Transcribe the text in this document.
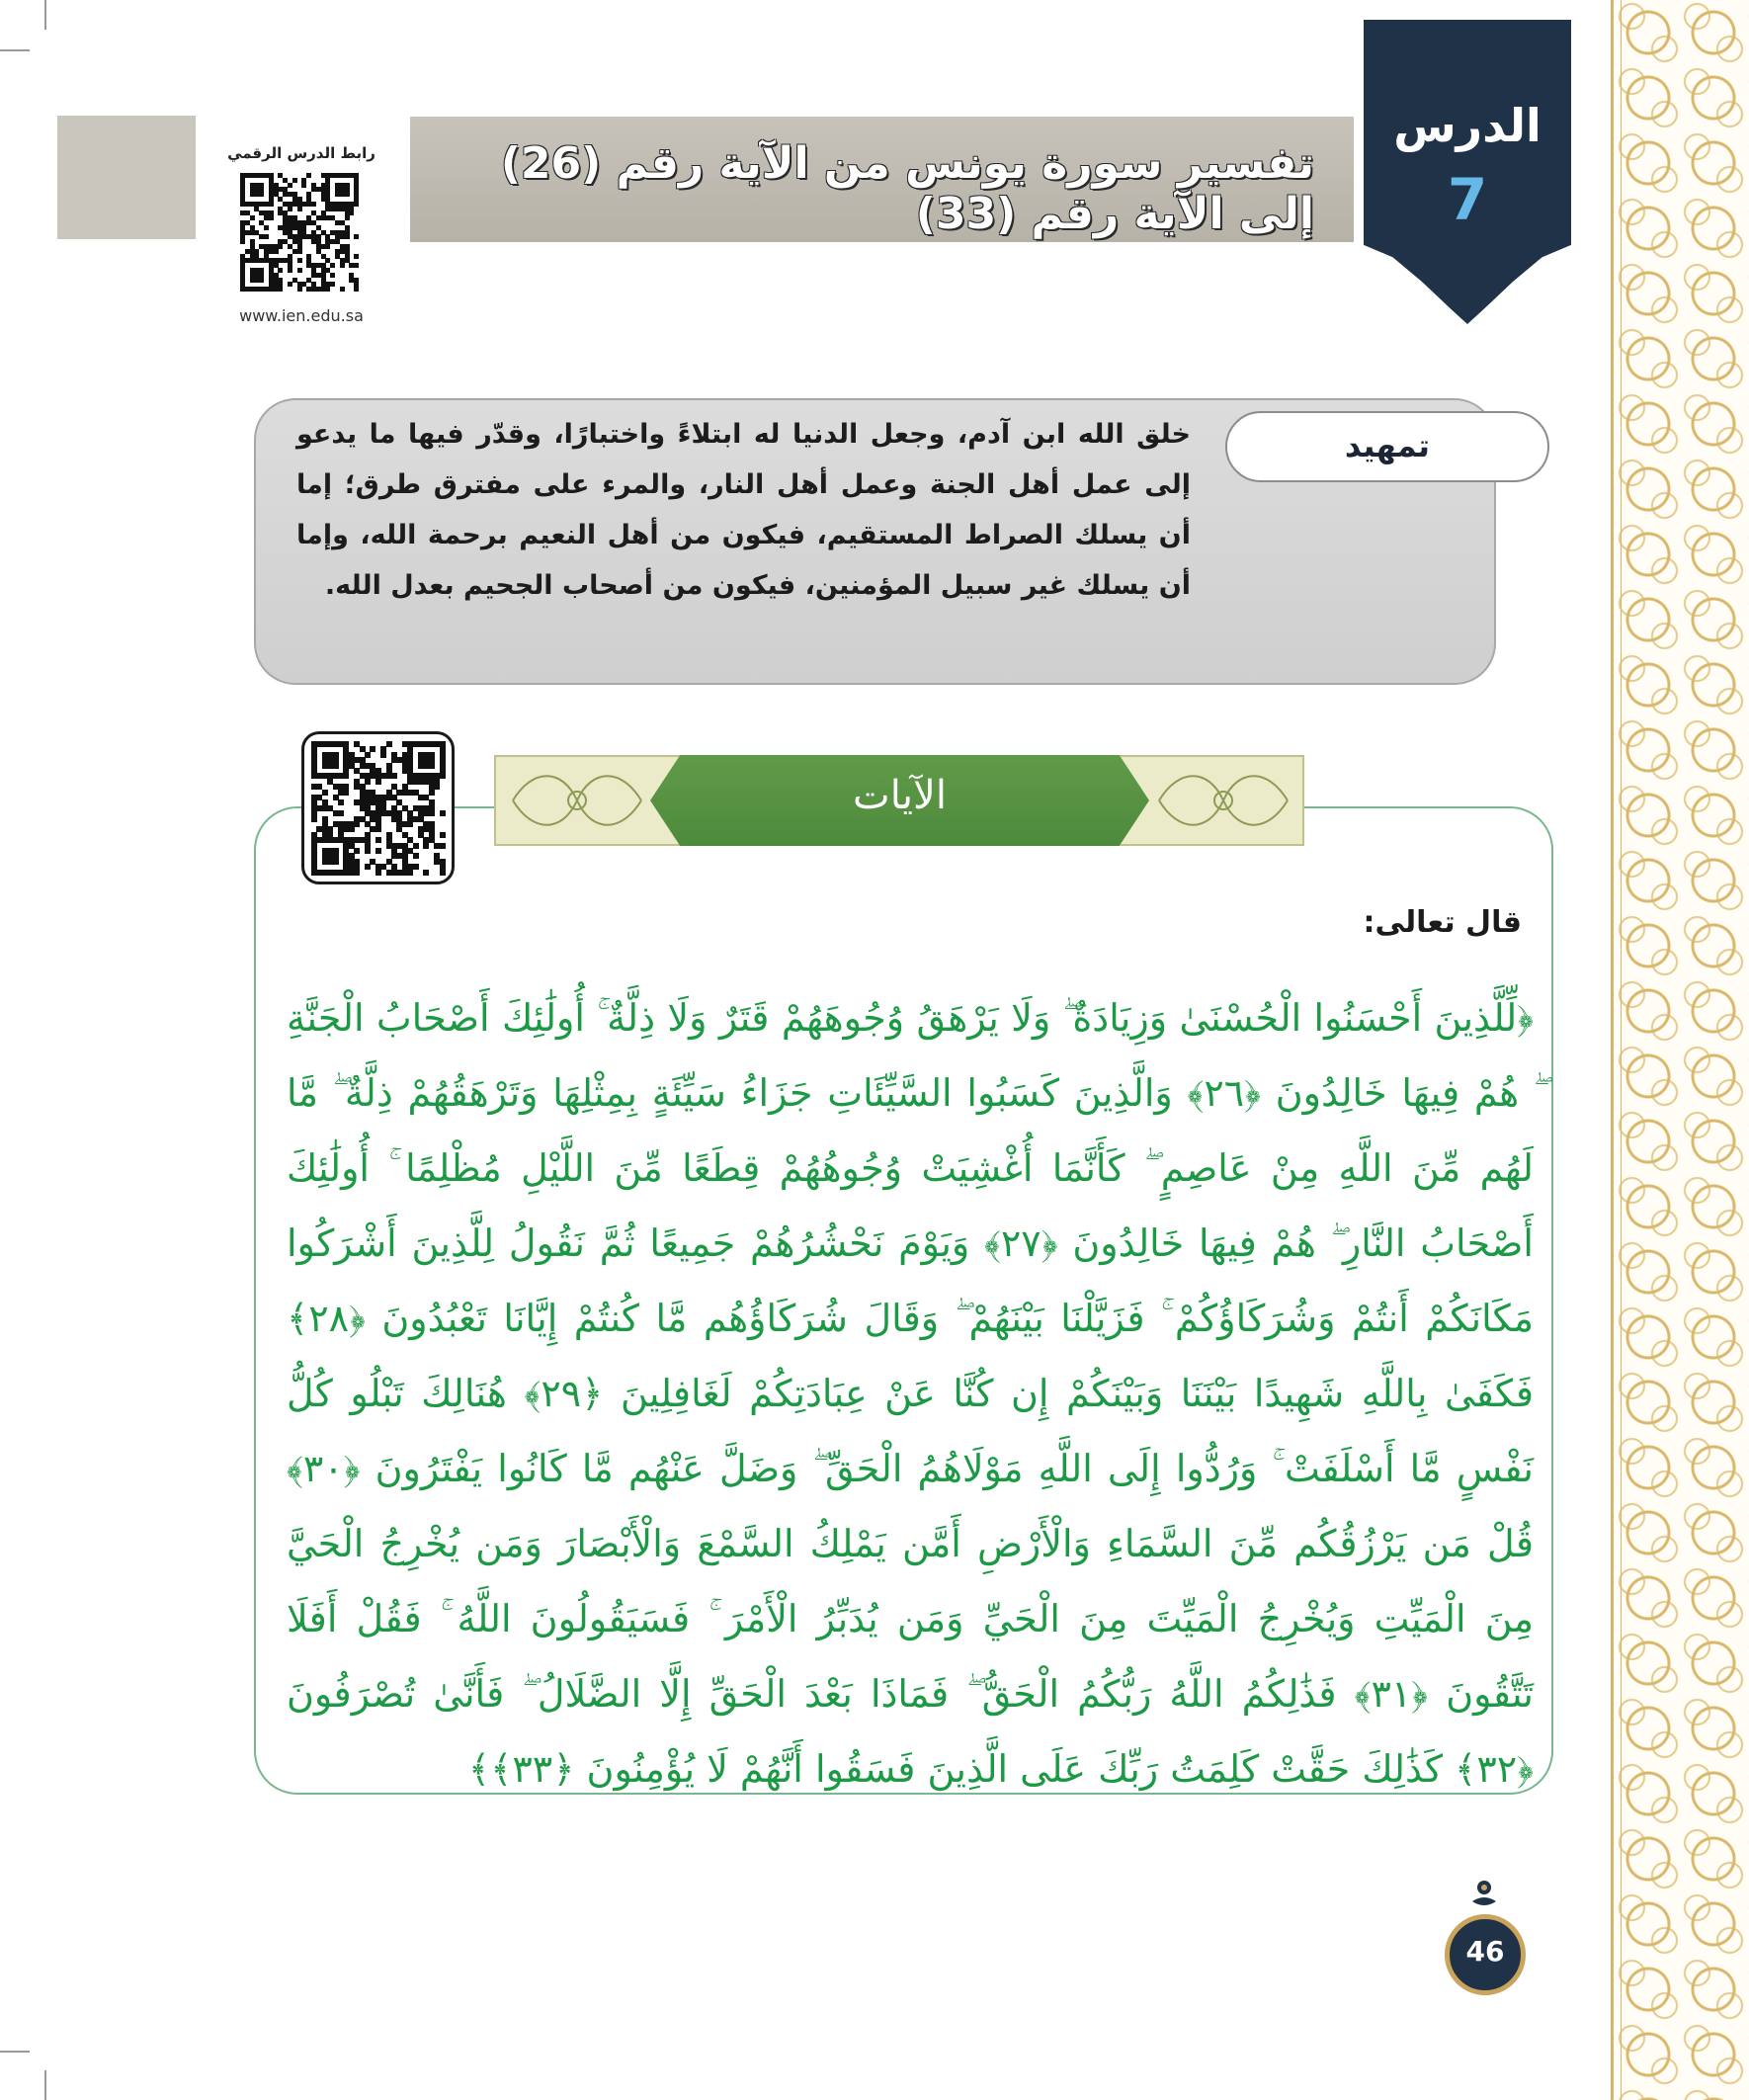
تفسير سورة يونس من الآية رقم (26) إلى الآية رقم (33)
الدرس
7
رابط الدرس الرقمي
www.ien.edu.sa
تمهيد
خلق الله ابن آدم، وجعل الدنيا له ابتلاءً واختبارًا، وقدّر فيها ما يدعو إلى عمل أهل الجنة وعمل أهل النار، والمرء على مفترق طرق؛ إما أن يسلك الصراط المستقيم، فيكون من أهل النعيم برحمة الله، وإما أن يسلك غير سبيل المؤمنين، فيكون من أصحاب الجحيم بعدل الله.
الآيات
قال تعالى:
﴿لِّلَّذِينَ أَحْسَنُوا الْحُسْنَىٰ وَزِيَادَةٌ ۖ وَلَا يَرْهَقُ وُجُوهَهُمْ قَتَرٌ وَلَا ذِلَّةٌ ۚ أُولَٰئِكَ أَصْحَابُ الْجَنَّةِ ۖ هُمْ فِيهَا خَالِدُونَ ﴿٢٦﴾ وَالَّذِينَ كَسَبُوا السَّيِّئَاتِ جَزَاءُ سَيِّئَةٍ بِمِثْلِهَا وَتَرْهَقُهُمْ ذِلَّةٌ ۖ مَّا لَهُم مِّنَ اللَّهِ مِنْ عَاصِمٍ ۖ كَأَنَّمَا أُغْشِيَتْ وُجُوهُهُمْ قِطَعًا مِّنَ اللَّيْلِ مُظْلِمًا ۚ أُولَٰئِكَ أَصْحَابُ النَّارِ ۖ هُمْ فِيهَا خَالِدُونَ ﴿٢٧﴾ وَيَوْمَ نَحْشُرُهُمْ جَمِيعًا ثُمَّ نَقُولُ لِلَّذِينَ أَشْرَكُوا مَكَانَكُمْ أَنتُمْ وَشُرَكَاؤُكُمْ ۚ فَزَيَّلْنَا بَيْنَهُمْ ۖ وَقَالَ شُرَكَاؤُهُم مَّا كُنتُمْ إِيَّانَا تَعْبُدُونَ ﴿٢٨﴾ فَكَفَىٰ بِاللَّهِ شَهِيدًا بَيْنَنَا وَبَيْنَكُمْ إِن كُنَّا عَنْ عِبَادَتِكُمْ لَغَافِلِينَ ﴿٢٩﴾ هُنَالِكَ تَبْلُو كُلُّ نَفْسٍ مَّا أَسْلَفَتْ ۚ وَرُدُّوا إِلَى اللَّهِ مَوْلَاهُمُ الْحَقِّ ۖ وَضَلَّ عَنْهُم مَّا كَانُوا يَفْتَرُونَ ﴿٣٠﴾ قُلْ مَن يَرْزُقُكُم مِّنَ السَّمَاءِ وَالْأَرْضِ أَمَّن يَمْلِكُ السَّمْعَ وَالْأَبْصَارَ وَمَن يُخْرِجُ الْحَيَّ مِنَ الْمَيِّتِ وَيُخْرِجُ الْمَيِّتَ مِنَ الْحَيِّ وَمَن يُدَبِّرُ الْأَمْرَ ۚ فَسَيَقُولُونَ اللَّهُ ۚ فَقُلْ أَفَلَا تَتَّقُونَ ﴿٣١﴾ فَذَٰلِكُمُ اللَّهُ رَبُّكُمُ الْحَقُّ ۖ فَمَاذَا بَعْدَ الْحَقِّ إِلَّا الضَّلَالُ ۖ فَأَنَّىٰ تُصْرَفُونَ ﴿٣٢﴾ كَذَٰلِكَ حَقَّتْ كَلِمَتُ رَبِّكَ عَلَى الَّذِينَ فَسَقُوا أَنَّهُمْ لَا يُؤْمِنُونَ ﴿٣٣﴾﴾
46
